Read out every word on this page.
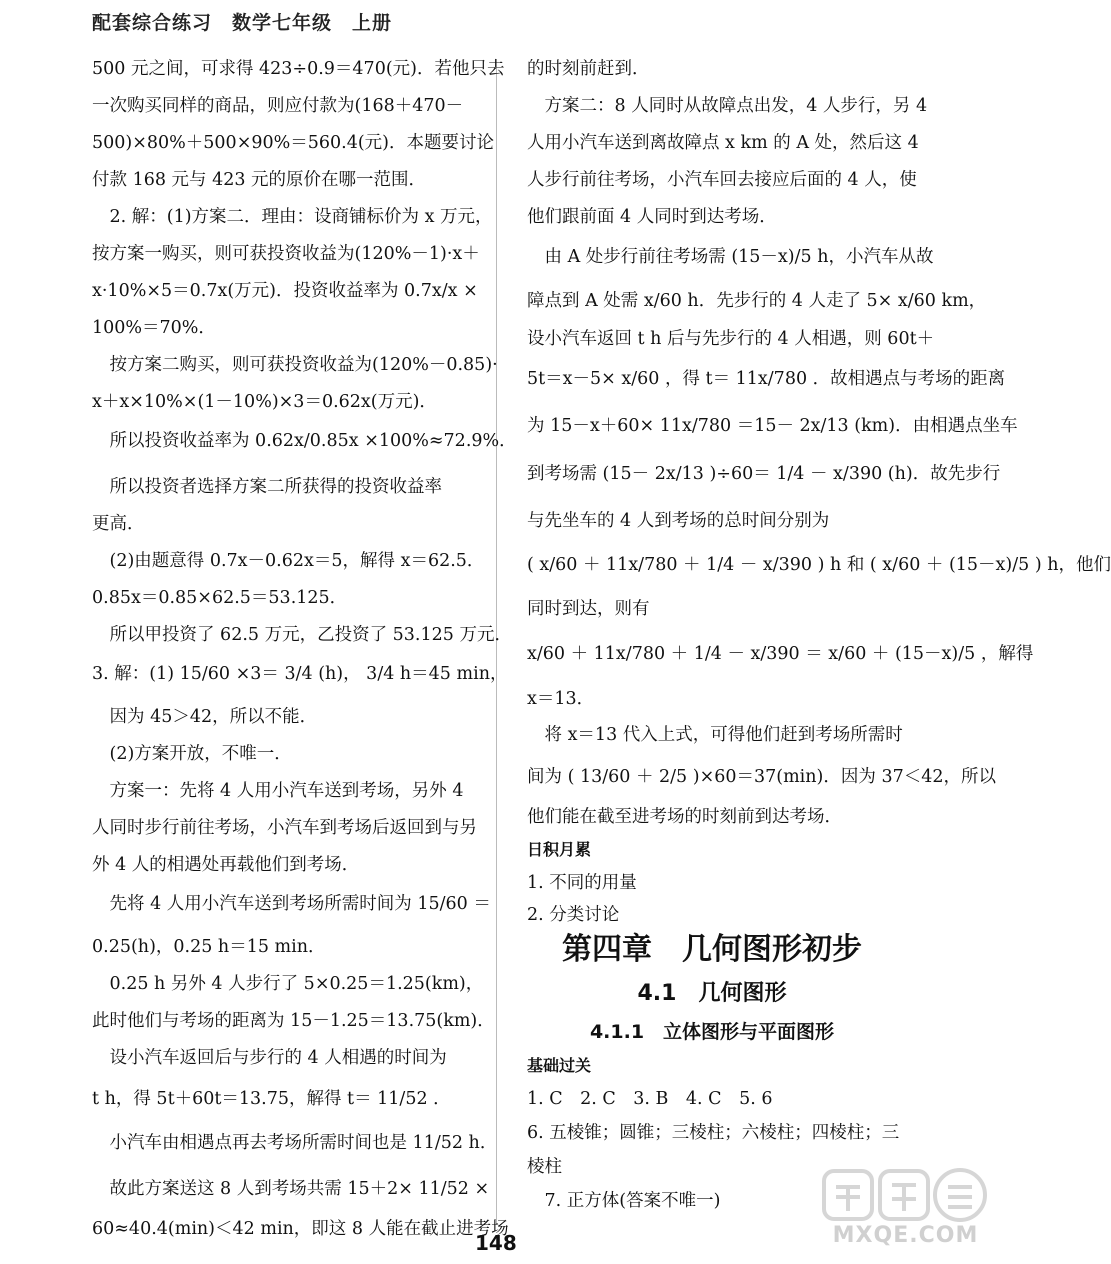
配套综合练习　数学七年级　上册
500 元之间，可求得 423÷0.9＝470(元)．若他只去
一次购买同样的商品，则应付款为(168＋470－
500)×80%＋500×90%＝560.4(元)．本题要讨论
付款 168 元与 423 元的原价在哪一范围．
　2. 解：(1)方案二．理由：设商铺标价为 x 万元，
按方案一购买，则可获投资收益为(120%－1)·x＋
x·10%×5＝0.7x(万元)．投资收益率为 0.7x/x ×
100%＝70%．
　按方案二购买，则可获投资收益为(120%－0.85)·
x＋x×10%×(1－10%)×3＝0.62x(万元)．
　所以投资收益率为 0.62x/0.85x ×100%≈72.9%．
　所以投资者选择方案二所获得的投资收益率
更高．
　(2)由题意得 0.7x－0.62x＝5，解得 x＝62.5．
0.85x＝0.85×62.5＝53.125．
　所以甲投资了 62.5 万元，乙投资了 53.125 万元．
3. 解：(1) 15/60 ×3＝ 3/4 (h)， 3/4 h＝45 min，
　因为 45＞42，所以不能．
　(2)方案开放，不唯一．
　方案一：先将 4 人用小汽车送到考场，另外 4
人同时步行前往考场，小汽车到考场后返回到与另
外 4 人的相遇处再载他们到考场．
　先将 4 人用小汽车送到考场所需时间为 15/60 ＝
0.25(h)，0.25 h＝15 min．
　0.25 h 另外 4 人步行了 5×0.25＝1.25(km)，
此时他们与考场的距离为 15－1.25＝13.75(km)．
　设小汽车返回后与步行的 4 人相遇的时间为
t h，得 5t＋60t＝13.75，解得 t＝ 11/52 ．
　小汽车由相遇点再去考场所需时间也是 11/52 h．
　故此方案送这 8 人到考场共需 15＋2× 11/52 ×
60≈40.4(min)＜42 min，即这 8 人能在截止进考场
的时刻前赶到．
　方案二：8 人同时从故障点出发，4 人步行，另 4
人用小汽车送到离故障点 x km 的 A 处，然后这 4
人步行前往考场，小汽车回去接应后面的 4 人，使
他们跟前面 4 人同时到达考场．
　由 A 处步行前往考场需 (15－x)/5 h，小汽车从故
障点到 A 处需 x/60 h．先步行的 4 人走了 5× x/60 km，
设小汽车返回 t h 后与先步行的 4 人相遇，则 60t＋
5t＝x－5× x/60 ，得 t＝ 11x/780 ．故相遇点与考场的距离
为 15－x＋60× 11x/780 ＝15－ 2x/13 (km)．由相遇点坐车
到考场需 (15－ 2x/13 )÷60＝ 1/4 － x/390 (h)．故先步行
与先坐车的 4 人到考场的总时间分别为
( x/60 ＋ 11x/780 ＋ 1/4 － x/390 ) h 和 ( x/60 ＋ (15－x)/5 ) h，他们
同时到达，则有
x/60 ＋ 11x/780 ＋ 1/4 － x/390 ＝ x/60 ＋ (15－x)/5 ，解得
x＝13．
　将 x＝13 代入上式，可得他们赶到考场所需时
间为 ( 13/60 ＋ 2/5 )×60＝37(min)．因为 37＜42，所以
他们能在截至进考场的时刻前到达考场．
日积月累
1. 不同的用量
2. 分类讨论
第四章　几何图形初步
4.1　几何图形
4.1.1　立体图形与平面图形
基础过关
1. C　2. C　3. B　4. C　5. 6
6. 五棱锥；圆锥；三棱柱；六棱柱；四棱柱；三
棱柱
　7. 正方体(答案不唯一)
148	MXQE.COM
